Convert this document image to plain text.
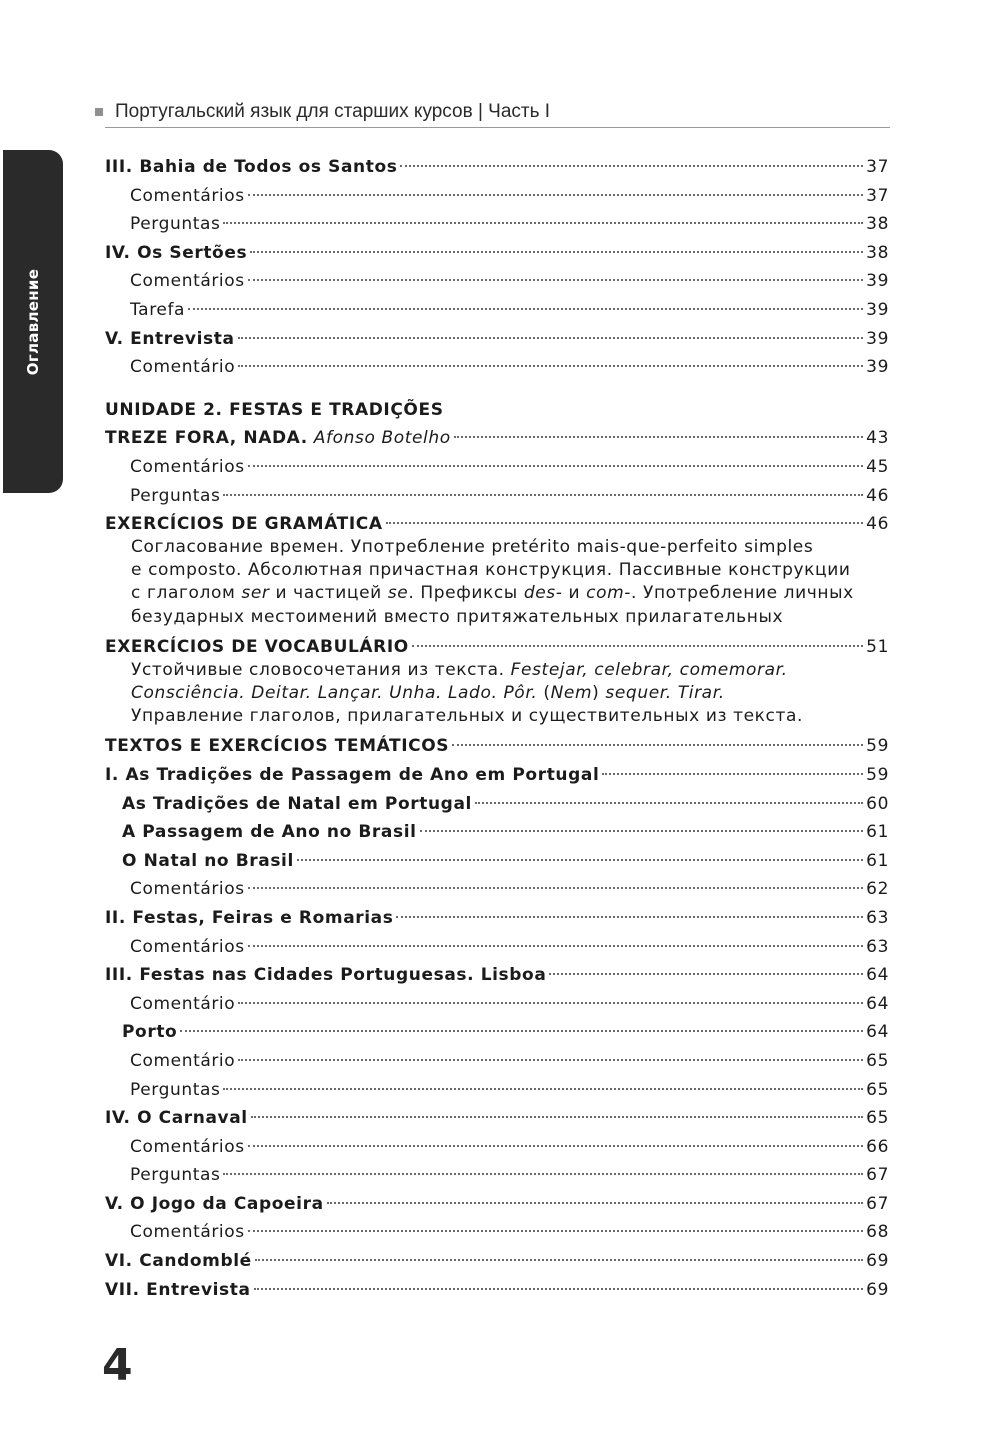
Португальский язык для старших курсов | Часть I
Оглавление
III. Bahia de Todos os Santos	37
Comentários	37
Perguntas	38
IV. Os Sertões	38
Comentários	39
Tarefa	39
V. Entrevista	39
Comentário	39
UNIDADE 2. FESTAS E TRADIÇÕES
TREZE FORA, NADA. Afonso Botelho	43
Comentários	45
Perguntas	46
EXERCÍCIOS DE GRAMÁTICA	46
Согласование времен. Употребление pretérito mais-que-perfeito simples
e composto. Абсолютная причастная конструкция. Пассивные конструкции
с глаголом ser и частицей se. Префиксы des- и com-. Употребление личных
безударных местоимений вместо притяжательных прилагательных
EXERCÍCIOS DE VOCABULÁRIO	51
Устойчивые словосочетания из текста. Festejar, celebrar, comemorar.
Consciência. Deitar. Lançar. Unha. Lado. Pôr. (Nem) sequer. Tirar.
Управление глаголов, прилагательных и существительных из текста.
TEXTOS E EXERCÍCIOS TEMÁTICOS	59
I. As Tradições de Passagem de Ano em Portugal	59
As Tradições de Natal em Portugal	60
A Passagem de Ano no Brasil	61
O Natal no Brasil	61
Comentários	62
II. Festas, Feiras e Romarias	63
Comentários	63
III. Festas nas Cidades Portuguesas. Lisboa	64
Comentário	64
Porto	64
Comentário	65
Perguntas	65
IV. O Carnaval	65
Comentários	66
Perguntas	67
V. O Jogo da Capoeira	67
Comentários	68
VI. Candomblé	69
VII. Entrevista	69
4
